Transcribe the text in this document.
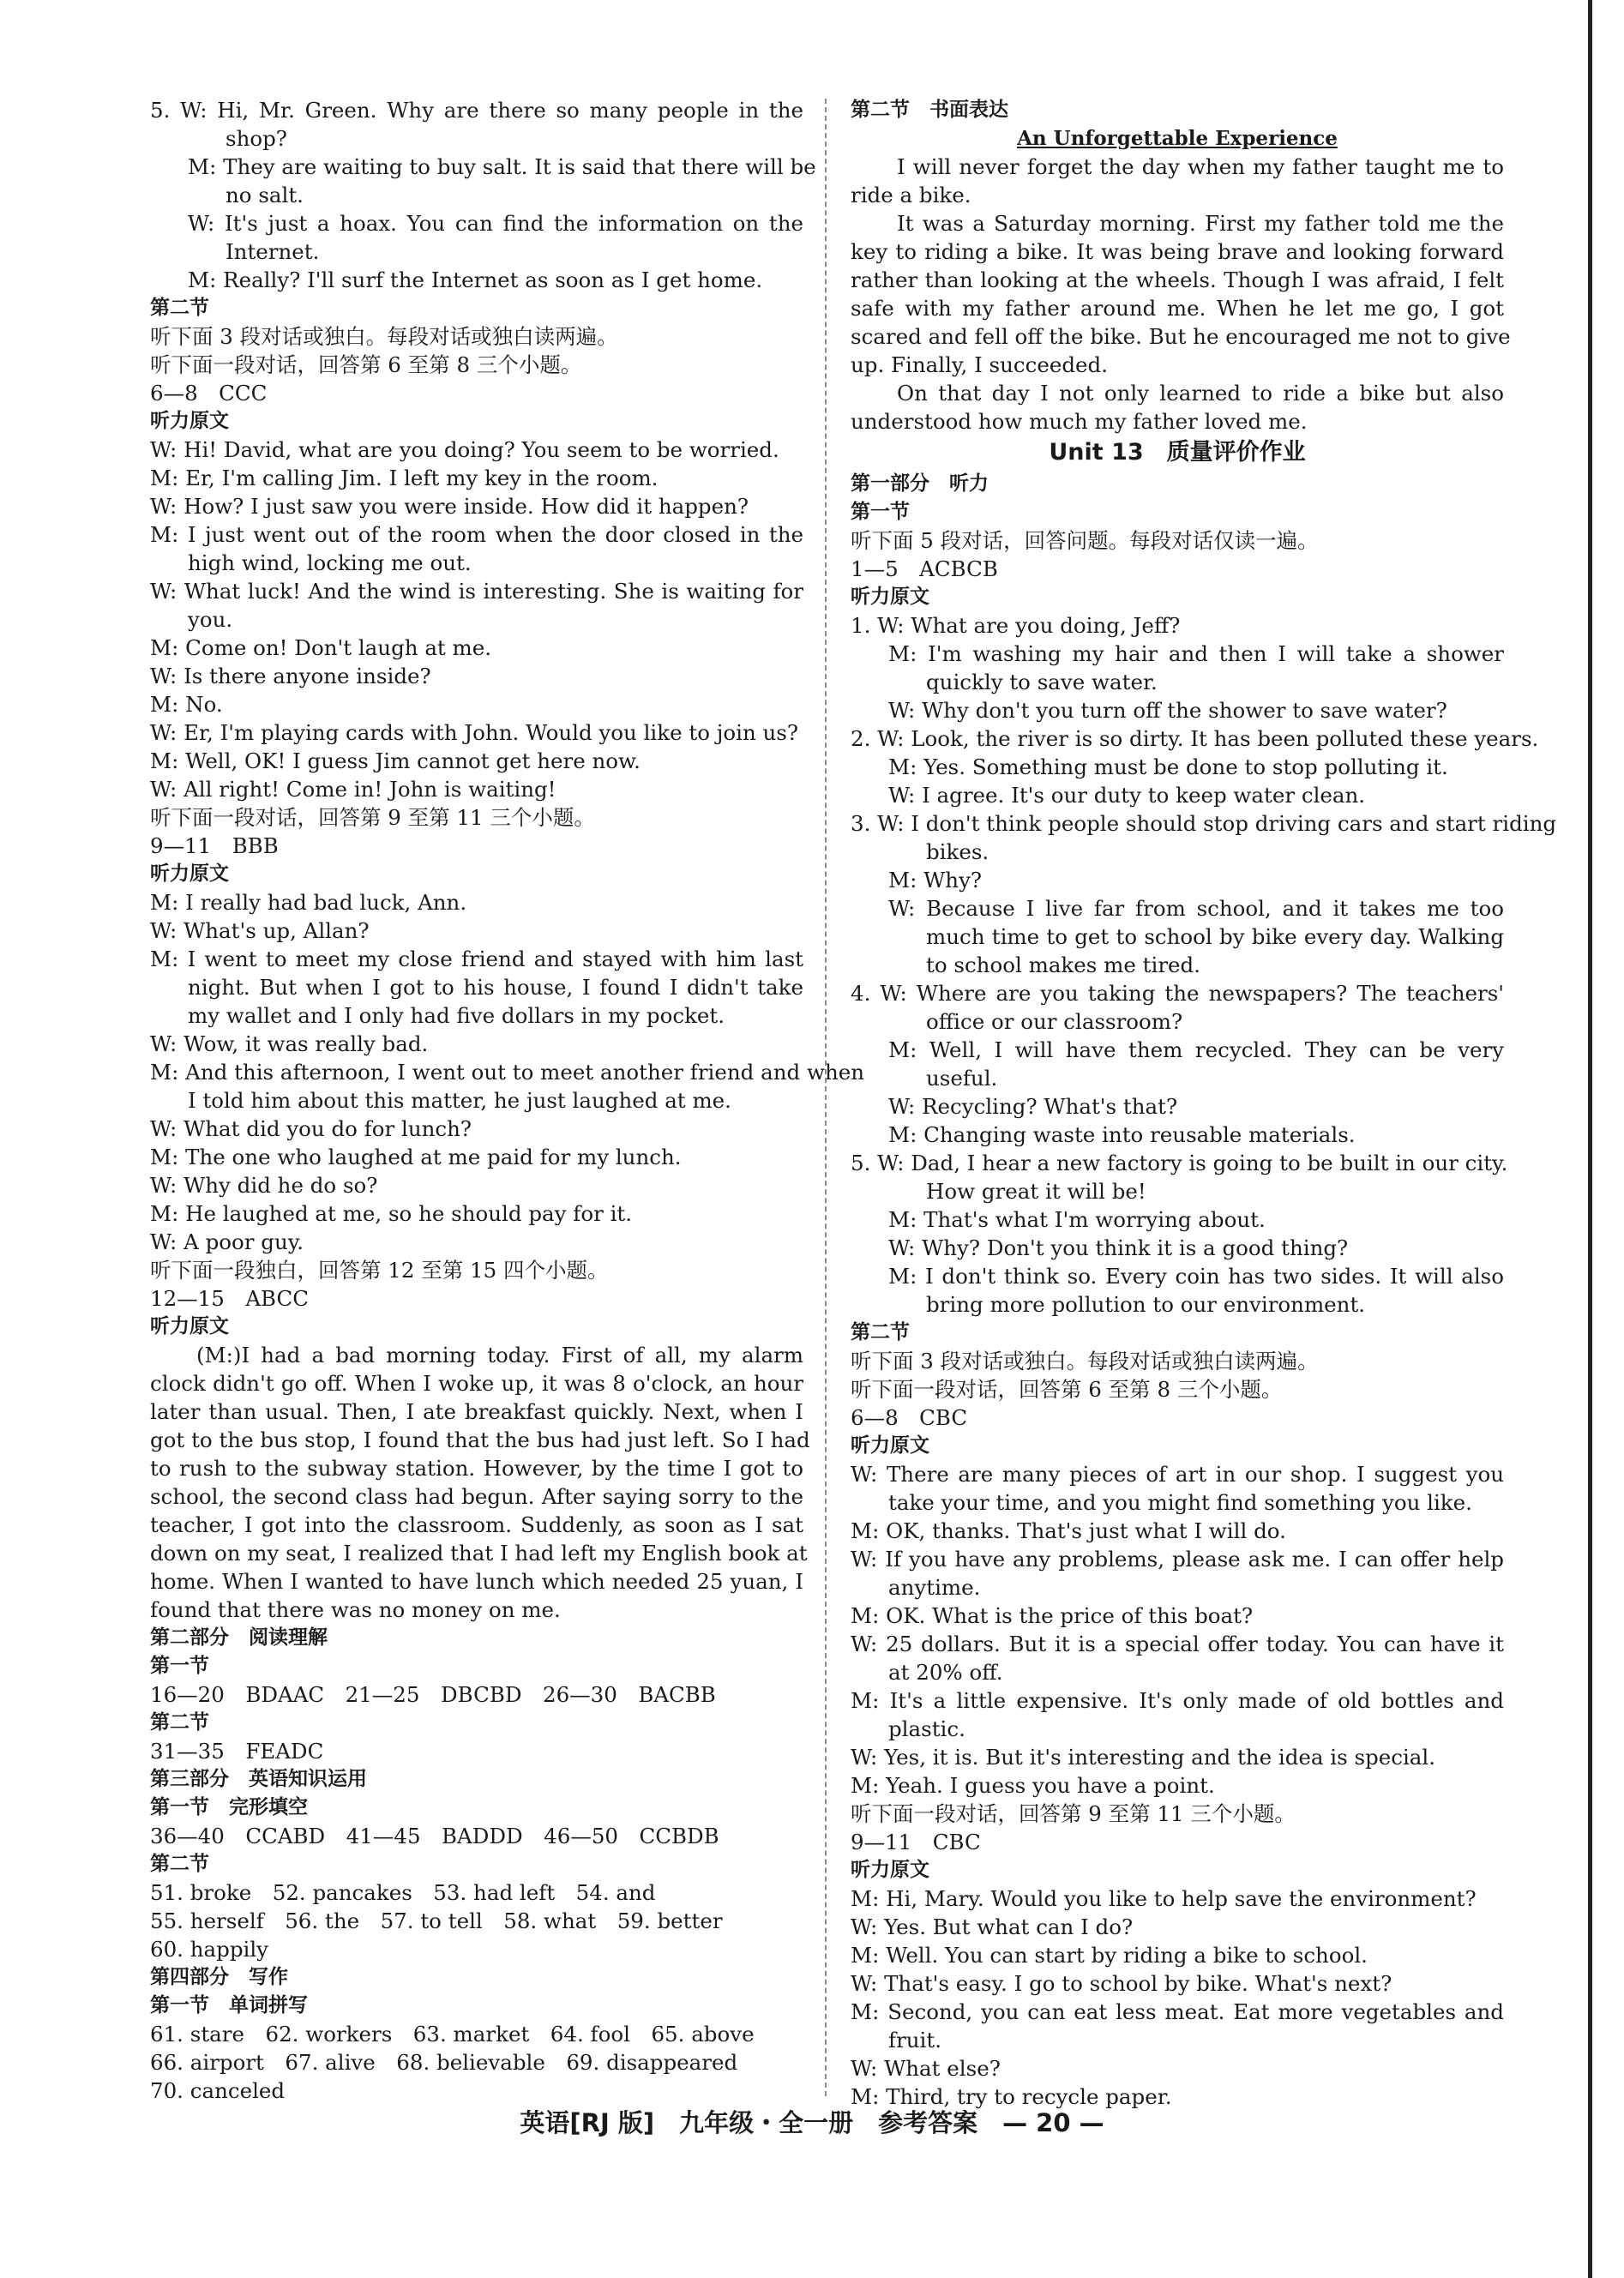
5. W: Hi, Mr. Green. Why are there so many people in the
shop?
M: They are waiting to buy salt. It is said that there will be
no salt.
W: It's just a hoax. You can find the information on the
Internet.
M: Really? I'll surf the Internet as soon as I get home.
第二节
听下面 3 段对话或独白。每段对话或独白读两遍。
听下面一段对话，回答第 6 至第 8 三个小题。
6—8　CCC
听力原文
W: Hi! David, what are you doing? You seem to be worried.
M: Er, I'm calling Jim. I left my key in the room.
W: How? I just saw you were inside. How did it happen?
M: I just went out of the room when the door closed in the
high wind, locking me out.
W: What luck! And the wind is interesting. She is waiting for
you.
M: Come on! Don't laugh at me.
W: Is there anyone inside?
M: No.
W: Er, I'm playing cards with John. Would you like to join us?
M: Well, OK! I guess Jim cannot get here now.
W: All right! Come in! John is waiting!
听下面一段对话，回答第 9 至第 11 三个小题。
9—11　BBB
听力原文
M: I really had bad luck, Ann.
W: What's up, Allan?
M: I went to meet my close friend and stayed with him last
night. But when I got to his house, I found I didn't take
my wallet and I only had five dollars in my pocket.
W: Wow, it was really bad.
M: And this afternoon, I went out to meet another friend and when
I told him about this matter, he just laughed at me.
W: What did you do for lunch?
M: The one who laughed at me paid for my lunch.
W: Why did he do so?
M: He laughed at me, so he should pay for it.
W: A poor guy.
听下面一段独白，回答第 12 至第 15 四个小题。
12—15　ABCC
听力原文
(M:)I had a bad morning today. First of all, my alarm
clock didn't go off. When I woke up, it was 8 o'clock, an hour
later than usual. Then, I ate breakfast quickly. Next, when I
got to the bus stop, I found that the bus had just left. So I had
to rush to the subway station. However, by the time I got to
school, the second class had begun. After saying sorry to the
teacher, I got into the classroom. Suddenly, as soon as I sat
down on my seat, I realized that I had left my English book at
home. When I wanted to have lunch which needed 25 yuan, I
found that there was no money on me.
第二部分　阅读理解
第一节
16—20　BDAAC　21—25　DBCBD　26—30　BACBB
第二节
31—35　FEADC
第三部分　英语知识运用
第一节　完形填空
36—40　CCABD　41—45　BADDD　46—50　CCBDB
第二节
51. broke　52. pancakes　53. had left　54. and
55. herself　56. the　57. to tell　58. what　59. better
60. happily
第四部分　写作
第一节　单词拼写
61. stare　62. workers　63. market　64. fool　65. above
66. airport　67. alive　68. believable　69. disappeared
70. canceled
第二节　书面表达
An Unforgettable Experience
I will never forget the day when my father taught me to
ride a bike.
It was a Saturday morning. First my father told me the
key to riding a bike. It was being brave and looking forward
rather than looking at the wheels. Though I was afraid, I felt
safe with my father around me. When he let me go, I got
scared and fell off the bike. But he encouraged me not to give
up. Finally, I succeeded.
On that day I not only learned to ride a bike but also
understood how much my father loved me.
Unit 13　质量评价作业
第一部分　听力
第一节
听下面 5 段对话，回答问题。每段对话仅读一遍。
1—5　ACBCB
听力原文
1. W: What are you doing, Jeff?
M: I'm washing my hair and then I will take a shower
quickly to save water.
W: Why don't you turn off the shower to save water?
2. W: Look, the river is so dirty. It has been polluted these years.
M: Yes. Something must be done to stop polluting it.
W: I agree. It's our duty to keep water clean.
3. W: I don't think people should stop driving cars and start riding
bikes.
M: Why?
W: Because I live far from school, and it takes me too
much time to get to school by bike every day. Walking
to school makes me tired.
4. W: Where are you taking the newspapers? The teachers'
office or our classroom?
M: Well, I will have them recycled. They can be very
useful.
W: Recycling? What's that?
M: Changing waste into reusable materials.
5. W: Dad, I hear a new factory is going to be built in our city.
How great it will be!
M: That's what I'm worrying about.
W: Why? Don't you think it is a good thing?
M: I don't think so. Every coin has two sides. It will also
bring more pollution to our environment.
第二节
听下面 3 段对话或独白。每段对话或独白读两遍。
听下面一段对话，回答第 6 至第 8 三个小题。
6—8　CBC
听力原文
W: There are many pieces of art in our shop. I suggest you
take your time, and you might find something you like.
M: OK, thanks. That's just what I will do.
W: If you have any problems, please ask me. I can offer help
anytime.
M: OK. What is the price of this boat?
W: 25 dollars. But it is a special offer today. You can have it
at 20% off.
M: It's a little expensive. It's only made of old bottles and
plastic.
W: Yes, it is. But it's interesting and the idea is special.
M: Yeah. I guess you have a point.
听下面一段对话，回答第 9 至第 11 三个小题。
9—11　CBC
听力原文
M: Hi, Mary. Would you like to help save the environment?
W: Yes. But what can I do?
M: Well. You can start by riding a bike to school.
W: That's easy. I go to school by bike. What's next?
M: Second, you can eat less meat. Eat more vegetables and
fruit.
W: What else?
M: Third, try to recycle paper.
英语[RJ 版]　九年级・全一册　参考答案　— 20 —
